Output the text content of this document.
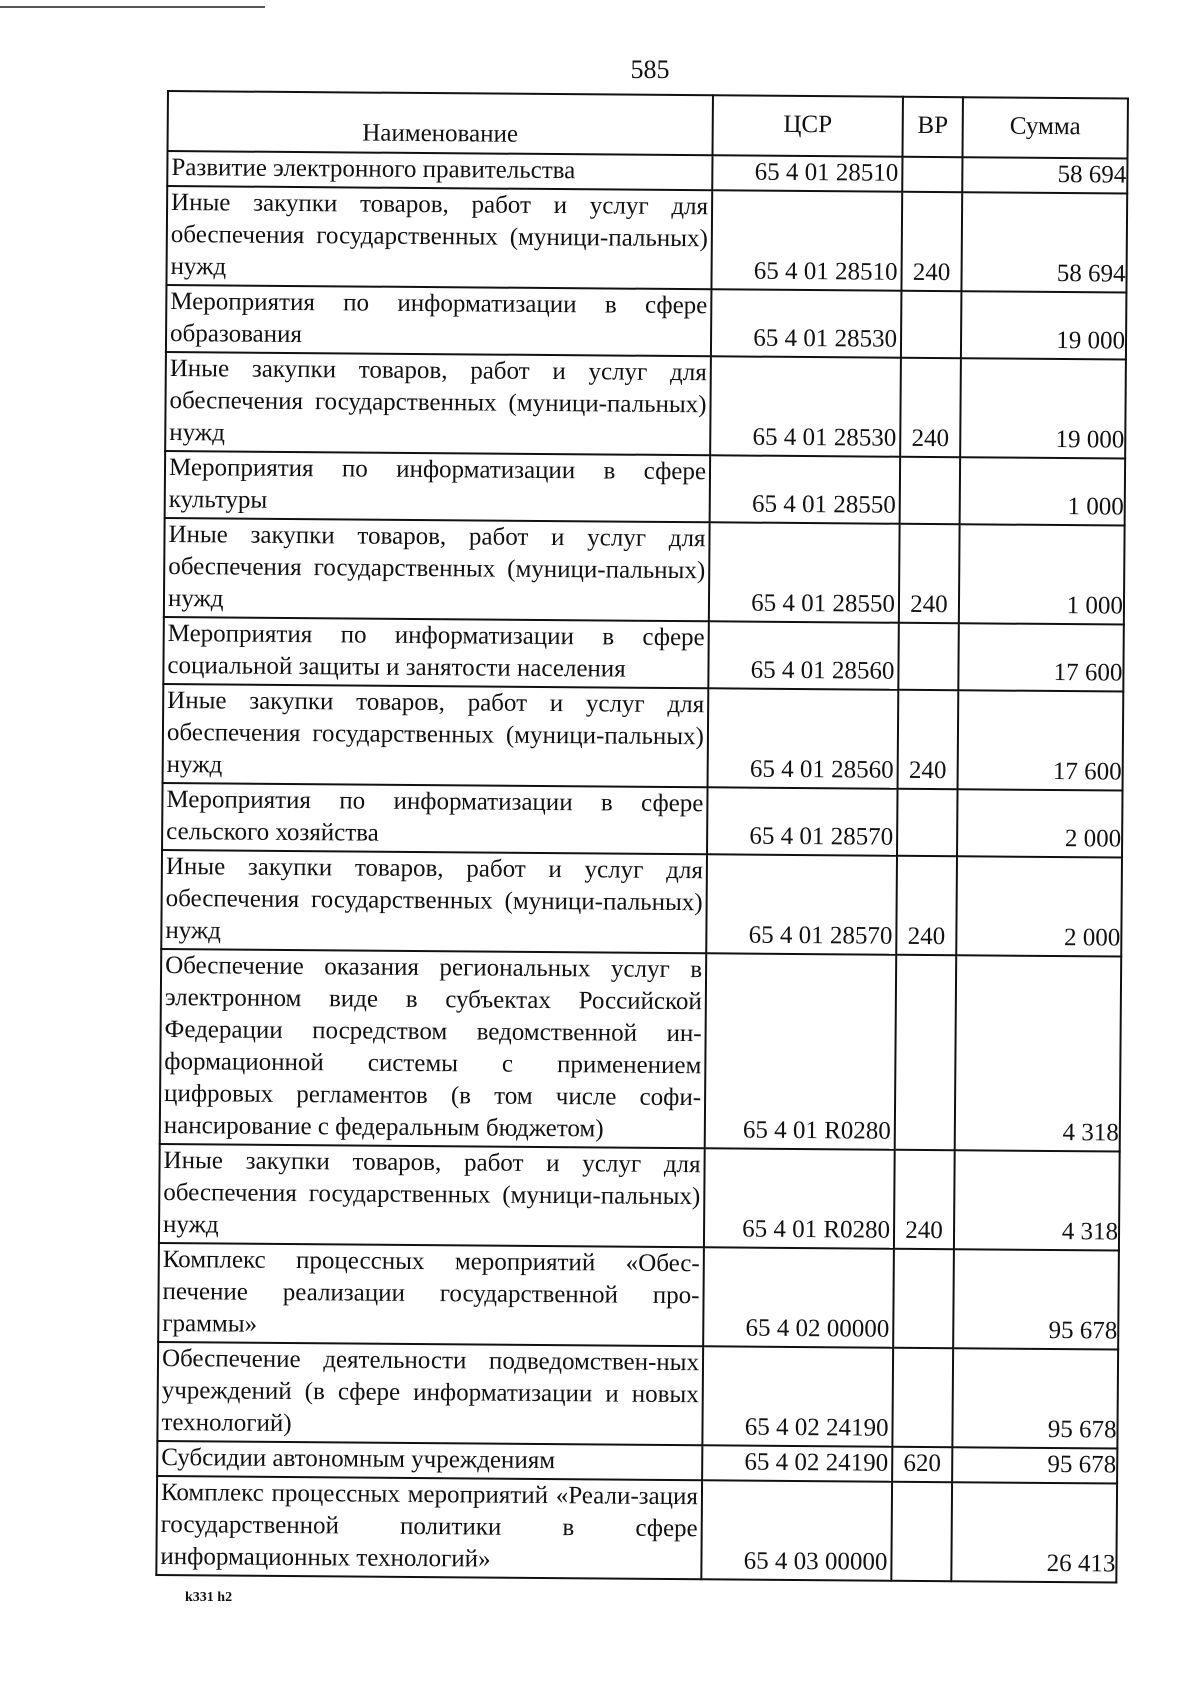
585
Наименование	ЦСР	ВР	Сумма
Развитие электронного правительства	65 4 01 28510		58 694
Иные закупки товаров, работ и услуг для обеспечения государственных (муници-пальных) нужд	65 4 01 28510	240	58 694
Мероприятия по информатизации в сфере образования	65 4 01 28530		19 000
Иные закупки товаров, работ и услуг для обеспечения государственных (муници-пальных) нужд	65 4 01 28530	240	19 000
Мероприятия по информатизации в сфере культуры	65 4 01 28550		1 000
Иные закупки товаров, работ и услуг для обеспечения государственных (муници-пальных) нужд	65 4 01 28550	240	1 000
Мероприятия по информатизации в сфере социальной защиты и занятости населения	65 4 01 28560		17 600
Иные закупки товаров, работ и услуг для обеспечения государственных (муници-пальных) нужд	65 4 01 28560	240	17 600
Мероприятия по информатизации в сфере сельского хозяйства	65 4 01 28570		2 000
Иные закупки товаров, работ и услуг для обеспечения государственных (муници-пальных) нужд	65 4 01 28570	240	2 000
Обеспечение оказания региональных услуг в электронном виде в субъектах Российской Федерации посредством ведомственной ин-формационной системы с применением цифровых регламентов (в том числе софи-нансирование с федеральным бюджетом)	65 4 01 R0280		4 318
Иные закупки товаров, работ и услуг для обеспечения государственных (муници-пальных) нужд	65 4 01 R0280	240	4 318
Комплекс процессных мероприятий «Обес-печение реализации государственной про-граммы»	65 4 02 00000		95 678
Обеспечение деятельности подведомствен-ных учреждений (в сфере информатизации и новых технологий)	65 4 02 24190		95 678
Субсидии автономным учреждениям	65 4 02 24190	620	95 678
Комплекс процессных мероприятий «Реали-зация государственной политики в сфере информационных технологий»	65 4 03 00000		26 413
k331 h2
